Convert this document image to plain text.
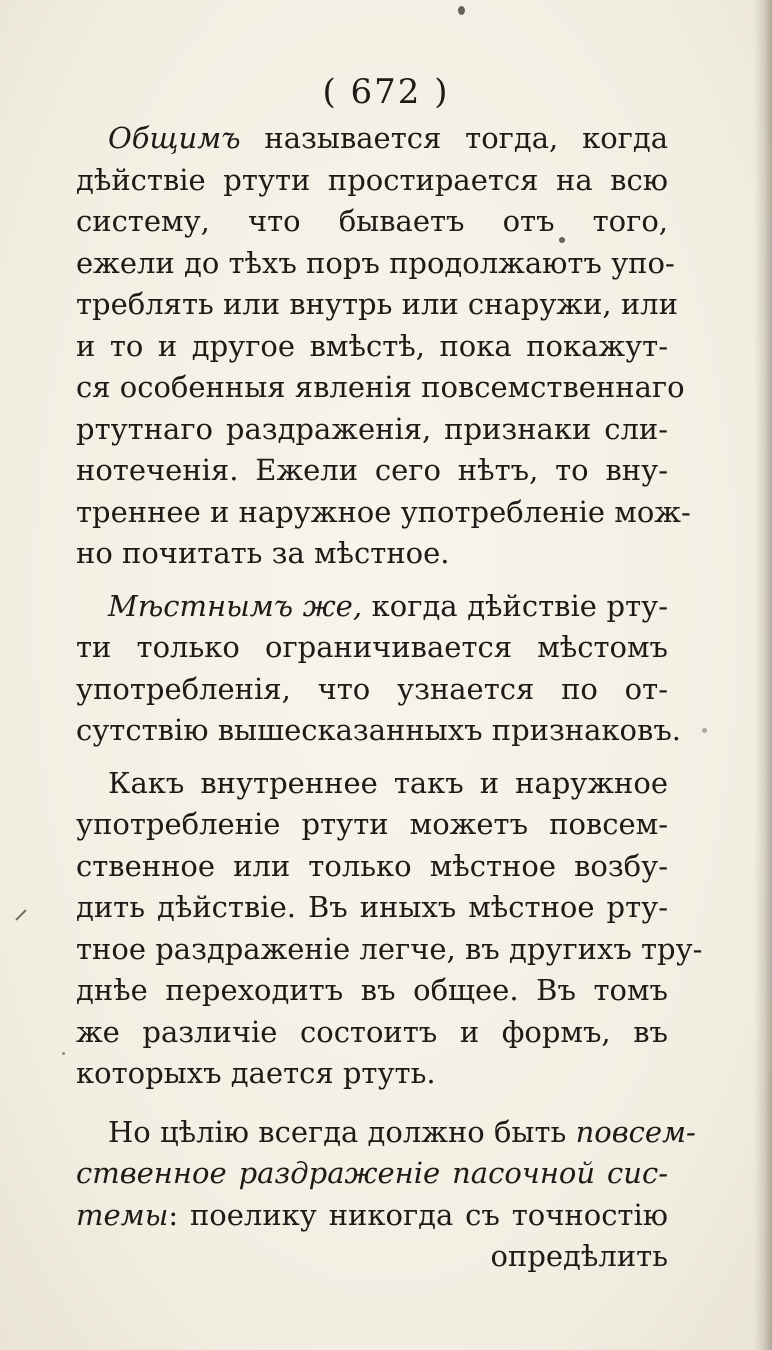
( 672 )
Общимъ называется тогда, когда
дѣйствіе ртути простирается на всю
систему, что бываетъ отъ того,
ежели до тѣхъ поръ продолжаютъ упо-
треблять или внутрь или снаружи, или
и то и другое вмѣстѣ, пока покажут-
ся особенныя явленія повсемственнаго
ртутнаго раздраженія, признаки сли-
нотеченія. Ежели сего нѣтъ, то вну-
треннее и наружное употребленіе мож-
но почитать за мѣстное.
Мѣстнымъ же, когда дѣйствіе рту-
ти только ограничивается мѣстомъ
употребленія, что узнается по от-
сутствію вышесказанныхъ признаковъ.
Какъ внутреннее такъ и наружное
употребленіе ртути можетъ повсем-
ственное или только мѣстное возбу-
дить дѣйствіе. Въ иныхъ мѣстное рту-
тное раздраженіе легче, въ другихъ тру-
днѣе переходитъ въ общее. Въ томъ
же различіе состоитъ и формъ, въ
которыхъ дается ртуть.
Но цѣлію всегда должно быть повсем-
ственное раздраженіе пасочной сис-
темы: поелику никогда съ точностію
опредѣлить
